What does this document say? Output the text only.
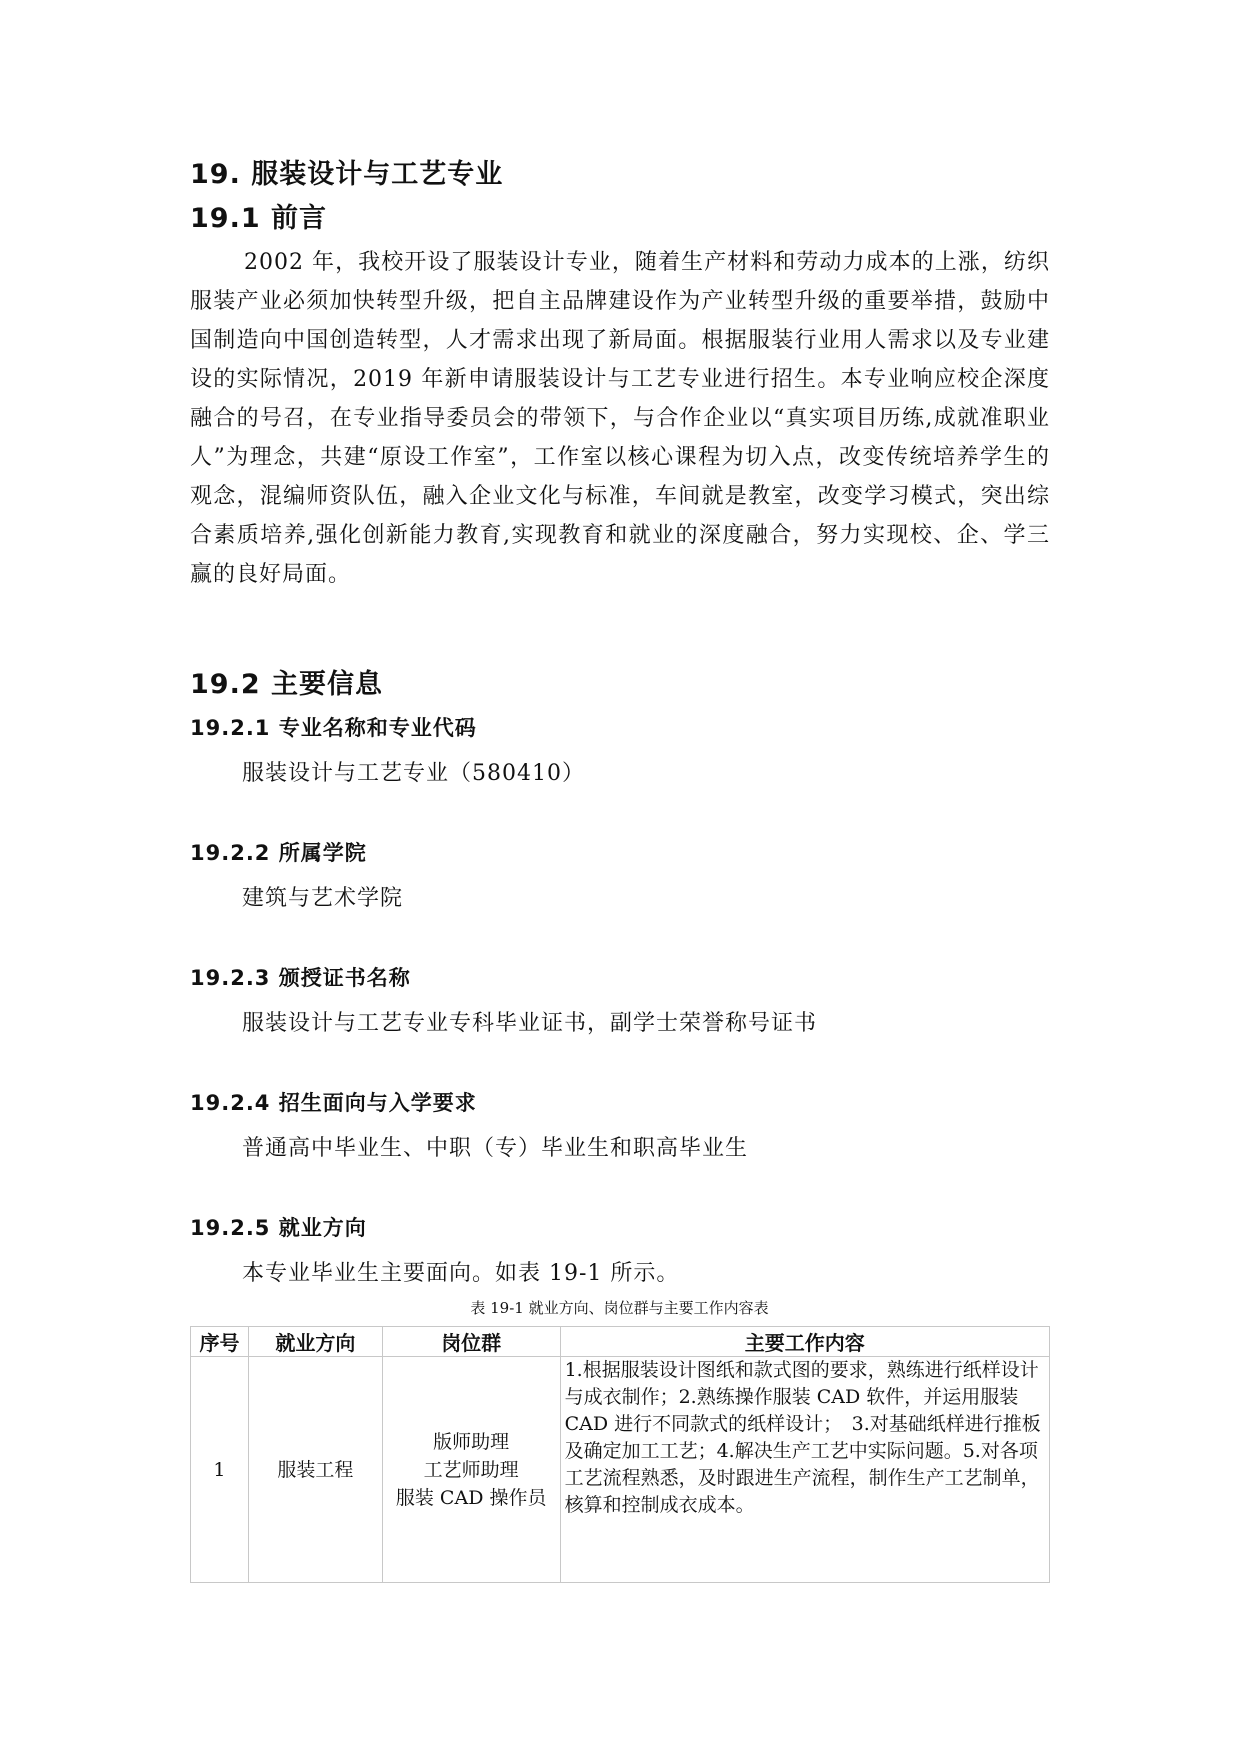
19. 服装设计与工艺专业
19.1 前言

2002 年，我校开设了服装设计专业，随着生产材料和劳动力成本的上涨，纺织服装产业必须加快转型升级，把自主品牌建设作为产业转型升级的重要举措，鼓励中国制造向中国创造转型，人才需求出现了新局面。根据服装行业用人需求以及专业建设的实际情况，2019 年新申请服装设计与工艺专业进行招生。本专业响应校企深度融合的号召，在专业指导委员会的带领下，与合作企业以“真实项目历练,成就准职业人”为理念，共建“原设工作室”，工作室以核心课程为切入点，改变传统培养学生的观念，混编师资队伍，融入企业文化与标准，车间就是教室，改变学习模式，突出综合素质培养,强化创新能力教育,实现教育和就业的深度融合，努力实现校、企、学三赢的良好局面。

19.2 主要信息
19.2.1 专业名称和专业代码

服装设计与工艺专业（580410）

19.2.2 所属学院

建筑与艺术学院

19.2.3 颁授证书名称

服装设计与工艺专业专科毕业证书，副学士荣誉称号证书

19.2.4 招生面向与入学要求

普通高中毕业生、中职（专）毕业生和职高毕业生

19.2.5 就业方向

本专业毕业生主要面向。如表 19-1 所示。

表 19-1 就业方向、岗位群与主要工作内容表

序号	就业方向	岗位群	主要工作内容
1	服装工程	版师助理
工艺师助理
服装 CAD 操作员	1.根据服装设计图纸和款式图的要求，熟练进行纸样设计与成衣制作；2.熟练操作服装 CAD 软件，并运用服装 CAD 进行不同款式的纸样设计；　3.对基础纸样进行推板及确定加工工艺；4.解决生产工艺中实际问题。5.对各项工艺流程熟悉，及时跟进生产流程，制作生产工艺制单，核算和控制成衣成本。
